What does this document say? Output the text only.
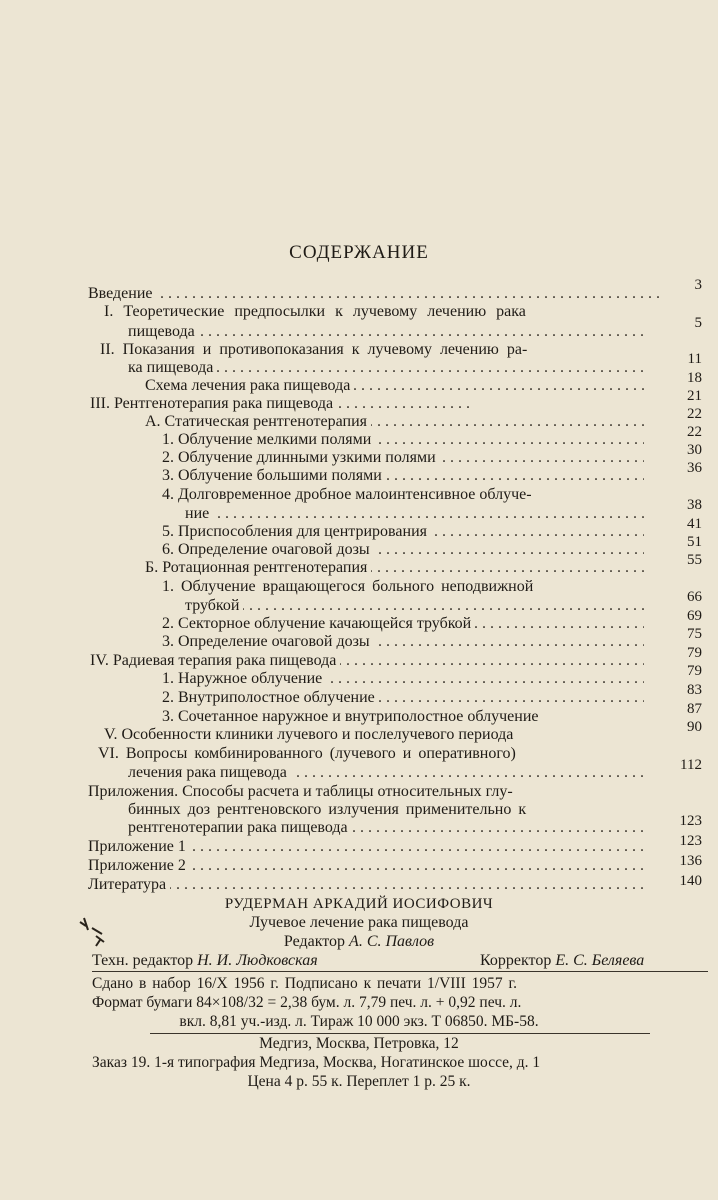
СОДЕРЖАНИЕ
Введение . . .	3
I. Теоретические предпосылки к лучевому лечению рака
пищевода . . .	5
II. Показания и противопоказания к лучевому лечению ра-
ка пищевода . . .	11
Схема лечения рака пищевода . . .	18
III. Рентгенотерапия рака пищевода . . .	21
А. Статическая рентгенотерапия . . .	22
1. Облучение мелкими полями . . .	22
2. Облучение длинными узкими полями . . .	30
3. Облучение большими полями . . .	36
4. Долговременное дробное малоинтенсивное облуче-
ние . . .	38
5. Приспособления для центрирования . . .	41
6. Определение очаговой дозы . . .	51
Б. Ротационная рентгенотерапия . . .	55
1. Облучение вращающегося больного неподвижной
трубкой . . .	66
2. Секторное облучение качающейся трубкой . . .	69
3. Определение очаговой дозы . . .	75
IV. Радиевая терапия рака пищевода . . .	79
1. Наружное облучение . . .	79
2. Внутриполостное облучение . . .	83
3. Сочетанное наружное и внутриполостное облучение	87
V. Особенности клиники лучевого и послелучевого периода	90
VI. Вопросы комбинированного (лучевого и оперативного)
лечения рака пищевода . . .	112
Приложения. Способы расчета и таблицы относительных глу-
бинных доз рентгеновского излучения применительно к
рентгенотерапии рака пищевода . . .	123
Приложение 1 . . .	123
Приложение 2 . . .	136
Литература . . .	140
РУДЕРМАН АРКАДИЙ ИОСИФОВИЧ
Лучевое лечение рака пищевода
Редактор А. С. Павлов
Техн. редактор Н. И. Людковская	Корректор Е. С. Беляева
Сдано в набор 16/X 1956 г. Подписано к печати 1/VIII 1957 г.
Формат бумаги 84×108/32 = 2,38 бум. л. 7,79 печ. л. + 0,92 печ. л.
вкл. 8,81 уч.-изд. л. Тираж 10 000 экз. Т 06850. МБ-58.
Медгиз, Москва, Петровка, 12
Заказ 19. 1-я типография Медгиза, Москва, Ногатинское шоссе, д. 1
Цена 4 р. 55 к. Переплет 1 р. 25 к.
